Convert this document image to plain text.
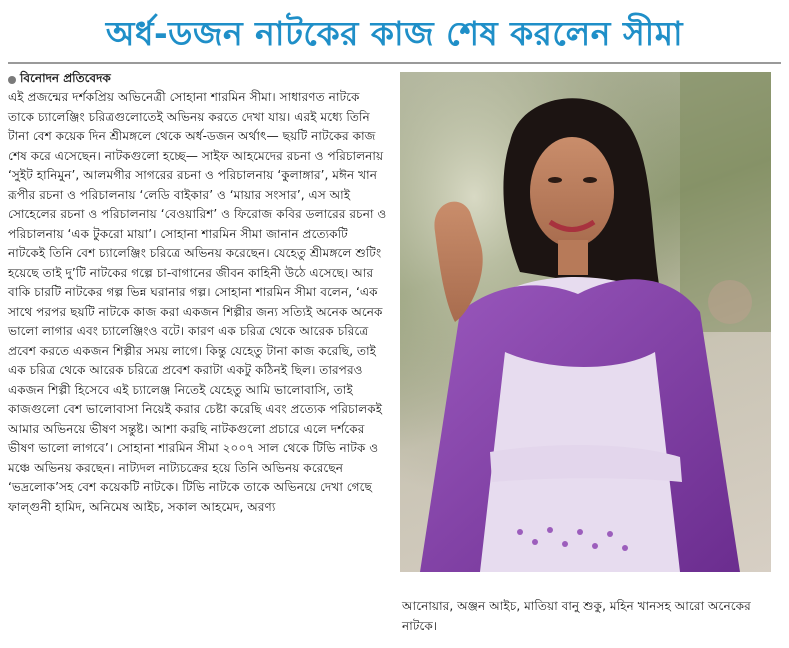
অর্ধ-ডজন নাটকের কাজ শেষ করলেন সীমা
বিনোদন প্রতিবেদক

এই প্রজন্মের দর্শকপ্রিয় অভিনেত্রী সোহানা শারমিন সীমা। সাধারণত নাটকে তাকে চ্যালেঞ্জিং চরিত্রগুলোতেই অভিনয় করতে দেখা যায়। এরই মধ্যে তিনি টানা বেশ কয়েক দিন শ্রীমঙ্গলে থেকে অর্ধ-ডজন অর্থাৎ— ছয়টি নাটকের কাজ শেষ করে এসেছেন। নাটকগুলো হচ্ছে— সাইফ আহমেদের রচনা ও পরিচালনায় ‘সুইট হানিমুন’, আলমগীর সাগরের রচনা ও পরিচালনায় ‘কুলাঙ্গার’, মঈন খান রূপীর রচনা ও পরিচালনায় ‘লেডি বাইকার’ ও ‘মায়ার সংসার’, এস আই সোহেলের রচনা ও পরিচালনায় ‘বেওয়ারিশ’ ও ফিরোজ কবির ডলারের রচনা ও পরিচালনায় ‘এক টুকরো মায়া’। সোহানা শারমিন সীমা জানান প্রত্যেকটি নাটকেই তিনি বেশ চ্যালেঞ্জিং চরিত্রে অভিনয় করেছেন। যেহেতু শ্রীমঙ্গলে শুটিং হয়েছে তাই দু’টি নাটকের গল্পে চা-বাগানের জীবন কাহিনী উঠে এসেছে। আর বাকি চারটি নাটকের গল্প ভিন্ন ঘরানার গল্প। সোহানা শারমিন সীমা বলেন, ‘এক সাথে পরপর ছয়টি নাটকে কাজ করা একজন শিল্পীর জন্য সত্যিই অনেক অনেক ভালো লাগার এবং চ্যালেঞ্জিংও বটে। কারণ এক চরিত্র থেকে আরেক চরিত্রে প্রবেশ করতে একজন শিল্পীর সময় লাগে। কিন্তু যেহেতু টানা কাজ করেছি, তাই এক চরিত্র থেকে আরেক চরিত্রে প্রবেশ করাটা একটু কঠিনই ছিল। তারপরও একজন শিল্পী হিসেবে এই চ্যালেঞ্জ নিতেই যেহেতু আমি ভালোবাসি, তাই কাজগুলো বেশ ভালোবাসা নিয়েই করার চেষ্টা করেছি এবং প্রত্যেক পরিচালকই আমার অভিনয়ে ভীষণ সন্তুষ্ট। আশা করছি নাটকগুলো প্রচারে এলে দর্শকের ভীষণ ভালো লাগবে’। সোহানা শারমিন সীমা ২০০৭ সাল থেকে টিভি নাটক ও মঞ্চে অভিনয় করছেন। নাট্যদল নাট্যচক্রের হয়ে তিনি অভিনয় করেছেন ‘ভদ্রলোক’সহ বেশ কয়েকটি নাটকে। টিভি নাটকে তাকে অভিনয়ে দেখা গেছে ফাল্গুনী হামিদ, অনিমেষ আইচ, সকাল আহমেদ, অরণ্য

আনোয়ার, অঞ্জন আইচ, মাতিয়া বানু শুকু, মহিন খানসহ আরো অনেকের নাটকে।
